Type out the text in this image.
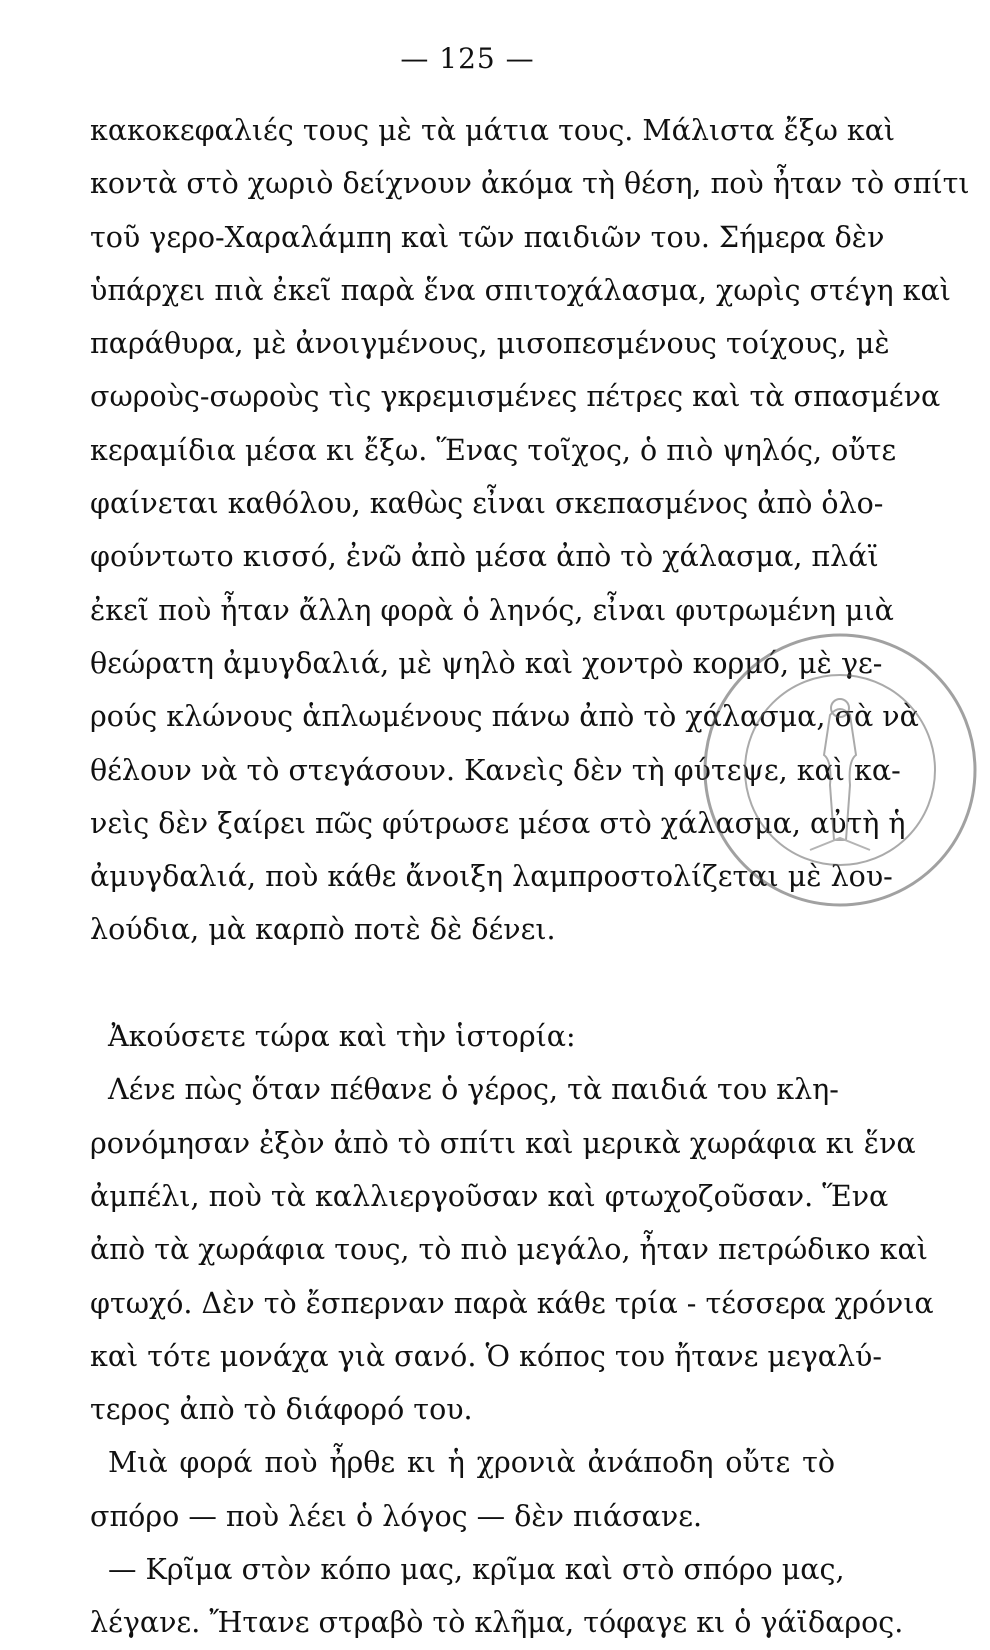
— 125 —
κακοκεφαλιές τους μὲ τὰ μάτια τους. Μάλιστα ἔξω καὶ
κοντὰ στὸ χωριὸ δείχνουν ἀκόμα τὴ θέση, ποὺ ἦταν τὸ σπίτι
τοῦ γερο-Χαραλάμπη καὶ τῶν παιδιῶν του. Σήμερα δὲν
ὑπάρχει πιὰ ἐκεῖ παρὰ ἕνα σπιτοχάλασμα, χωρὶς στέγη καὶ
παράθυρα, μὲ ἀνοιγμένους, μισοπεσμένους τοίχους, μὲ
σωροὺς-σωροὺς τὶς γκρεμισμένες πέτρες καὶ τὰ σπασμένα
κεραμίδια μέσα κι ἔξω. Ἕνας τοῖχος, ὁ πιὸ ψηλός, οὔτε
φαίνεται καθόλου, καθὼς εἶναι σκεπασμένος ἀπὸ ὁλο-
φούντωτο κισσό, ἐνῶ ἀπὸ μέσα ἀπὸ τὸ χάλασμα, πλάϊ
ἐκεῖ ποὺ ἦταν ἄλλη φορὰ ὁ ληνός, εἶναι φυτρωμένη μιὰ
θεώρατη ἀμυγδαλιά, μὲ ψηλὸ καὶ χοντρὸ κορμό, μὲ γε-
ρούς κλώνους ἁπλωμένους πάνω ἀπὸ τὸ χάλασμα, σὰ νὰ
θέλουν νὰ τὸ στεγάσουν. Κανεὶς δὲν τὴ φύτεψε, καὶ κα-
νεὶς δὲν ξαίρει πῶς φύτρωσε μέσα στὸ χάλασμα, αὐτὴ ἡ
ἀμυγδαλιά, ποὺ κάθε ἄνοιξη λαμπροστολίζεται μὲ λου-
λούδια, μὰ καρπὸ ποτὲ δὲ δένει.
Ἀκούσετε τώρα καὶ τὴν ἱστορία:
Λένε πὼς ὅταν πέθανε ὁ γέρος, τὰ παιδιά του κλη-
ρονόμησαν ἐξὸν ἀπὸ τὸ σπίτι καὶ μερικὰ χωράφια κι ἕνα
ἀμπέλι, ποὺ τὰ καλλιεργοῦσαν καὶ φτωχοζοῦσαν. Ἕνα
ἀπὸ τὰ χωράφια τους, τὸ πιὸ μεγάλο, ἦταν πετρώδικο καὶ
φτωχό. Δὲν τὸ ἔσπερναν παρὰ κάθε τρία - τέσσερα χρόνια
καὶ τότε μονάχα γιὰ σανό. Ὁ κόπος του ἤτανε μεγαλύ-
τερος ἀπὸ τὸ διάφορό του.
Μιὰ φορά ποὺ ἦρθε κι ἡ χρονιὰ ἀνάποδη οὔτε τὸ
σπόρο — ποὺ λέει ὁ λόγος — δὲν πιάσανε.
— Κρῖμα στὸν κόπο μας, κρῖμα καὶ στὸ σπόρο μας,
λέγανε. Ἤτανε στραβὸ τὸ κλῆμα, τόφαγε κι ὁ γάϊδαρος.
